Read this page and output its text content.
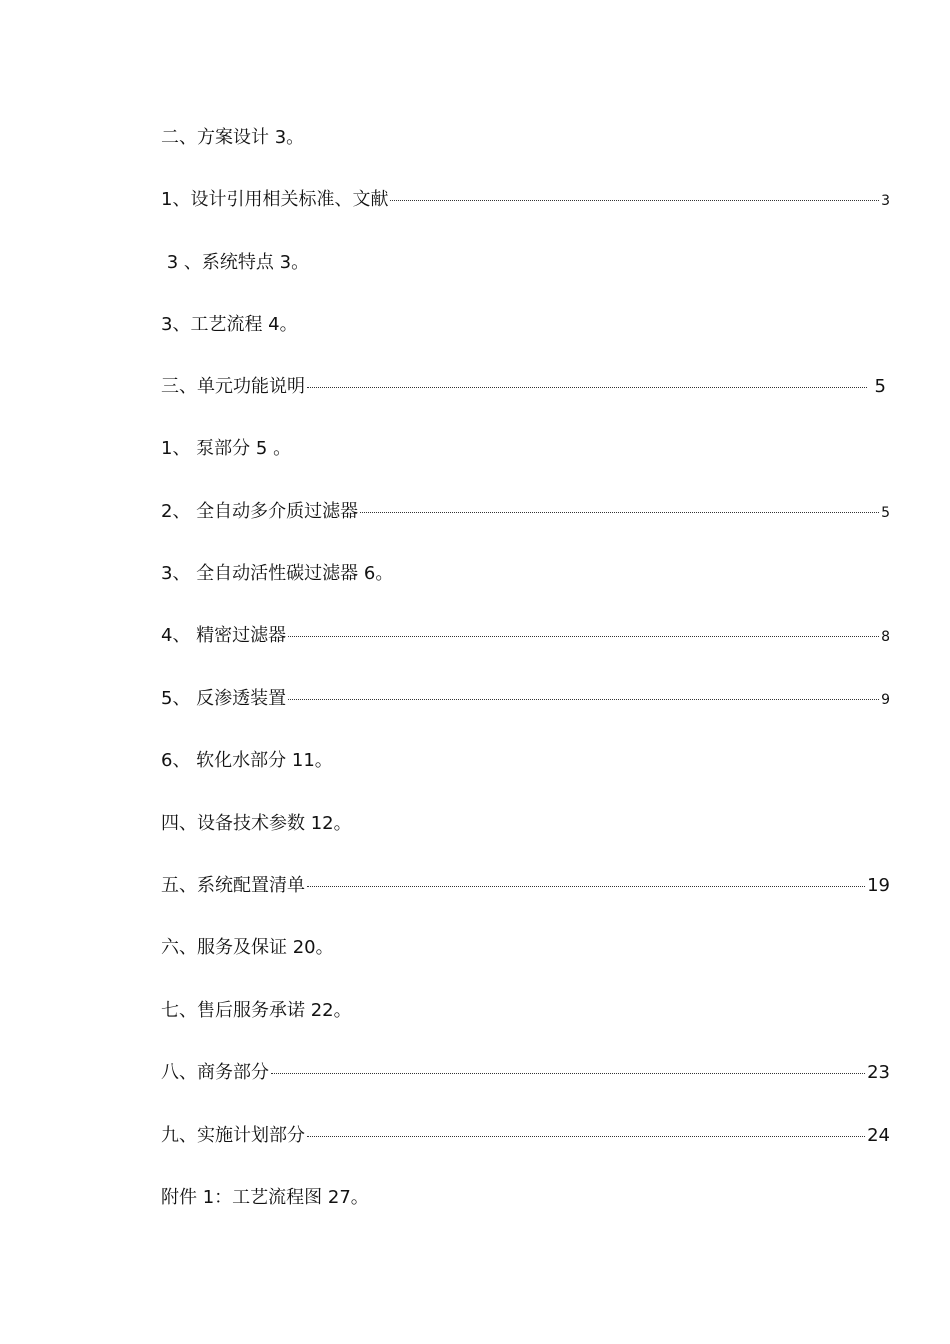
二、方案设计 3。
1、设计引用相关标准、文献	3
3 、系统特点 3。
3、工艺流程 4。
三、单元功能说明	5
1、 泵部分 5 。
2、 全自动多介质过滤器	5
3、 全自动活性碳过滤器 6。
4、 精密过滤器	8
5、 反渗透装置	9
6、 软化水部分 11。
四、设备技术参数 12。
五、系统配置清单	19
六、服务及保证 20。
七、售后服务承诺 22。
八、商务部分	23
九、实施计划部分	24
附件 1：工艺流程图 27。
